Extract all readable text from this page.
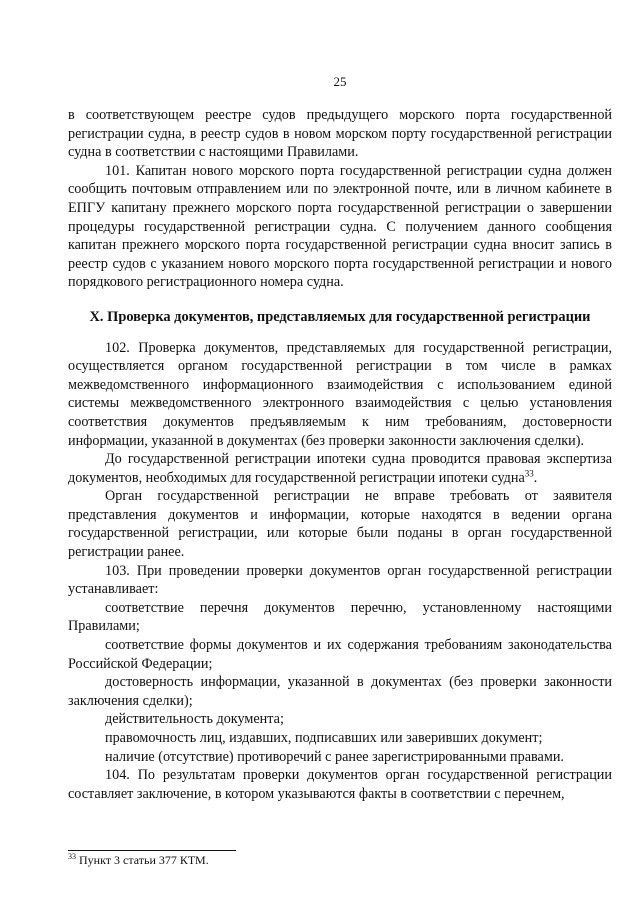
25

в соответствующем реестре судов предыдущего морского порта государственной регистрации судна, в реестр судов в новом морском порту государственной регистрации судна в соответствии с настоящими Правилами.

101. Капитан нового морского порта государственной регистрации судна должен сообщить почтовым отправлением или по электронной почте, или в личном кабинете в ЕПГУ капитану прежнего морского порта государственной регистрации о завершении процедуры государственной регистрации судна. С получением данного сообщения капитан прежнего морского порта государственной регистрации судна вносит запись в реестр судов с указанием нового морского порта государственной регистрации и нового порядкового регистрационного номера судна.

X. Проверка документов, представляемых для государственной регистрации

102. Проверка документов, представляемых для государственной регистрации, осуществляется органом государственной регистрации в том числе в рамках межведомственного информационного взаимодействия с использованием единой системы межведомственного электронного взаимодействия с целью установления соответствия документов предъявляемым к ним требованиям, достоверности информации, указанной в документах (без проверки законности заключения сделки).

До государственной регистрации ипотеки судна проводится правовая экспертиза документов, необходимых для государственной регистрации ипотеки судна$^{33}$.

Орган государственной регистрации не вправе требовать от заявителя представления документов и информации, которые находятся в ведении органа государственной регистрации, или которые были поданы в орган государственной регистрации ранее.

103. При проведении проверки документов орган государственной регистрации устанавливает:

соответствие перечня документов перечню, установленному настоящими Правилами;

соответствие формы документов и их содержания требованиям законодательства Российской Федерации;

достоверность информации, указанной в документах (без проверки законности заключения сделки);

действительность документа;

правомочность лиц, издавших, подписавших или заверивших документ;

наличие (отсутствие) противоречий с ранее зарегистрированными правами.

104. По результатам проверки документов орган государственной регистрации составляет заключение, в котором указываются факты в соответствии с перечнем,

$^{33}$ Пункт 3 статьи 377 КТМ.
